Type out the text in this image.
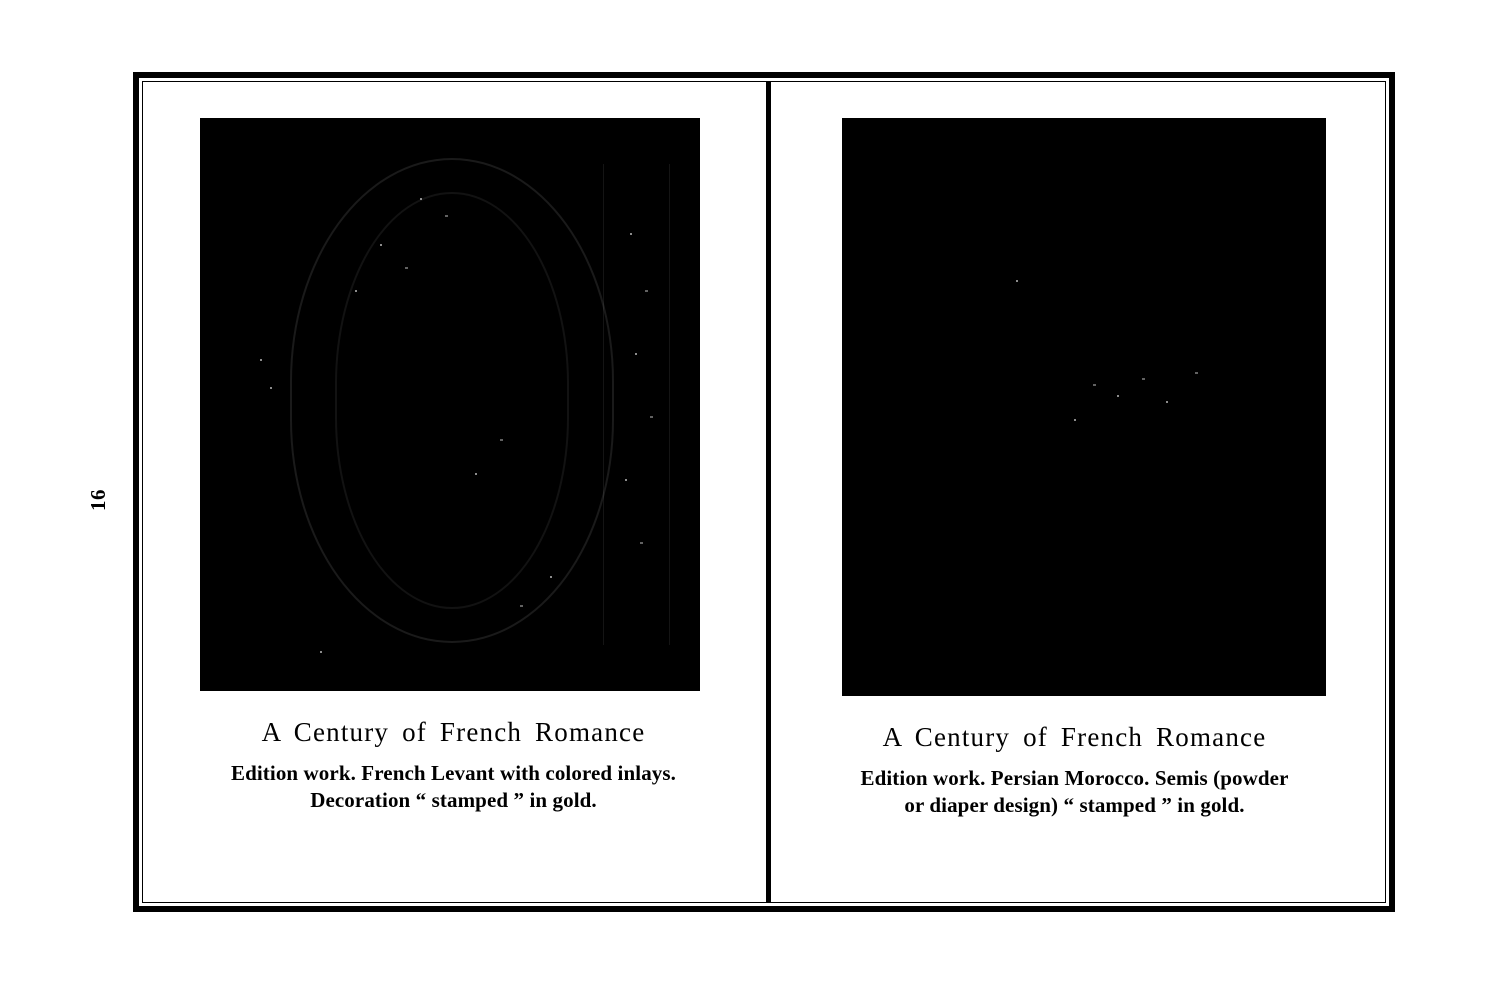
16
A Century of French Romance
Edition work. French Levant with colored inlays.
Decoration “ stamped ” in gold.
A Century of French Romance
Edition work. Persian Morocco. Semis (powder
or diaper design) “ stamped ” in gold.
